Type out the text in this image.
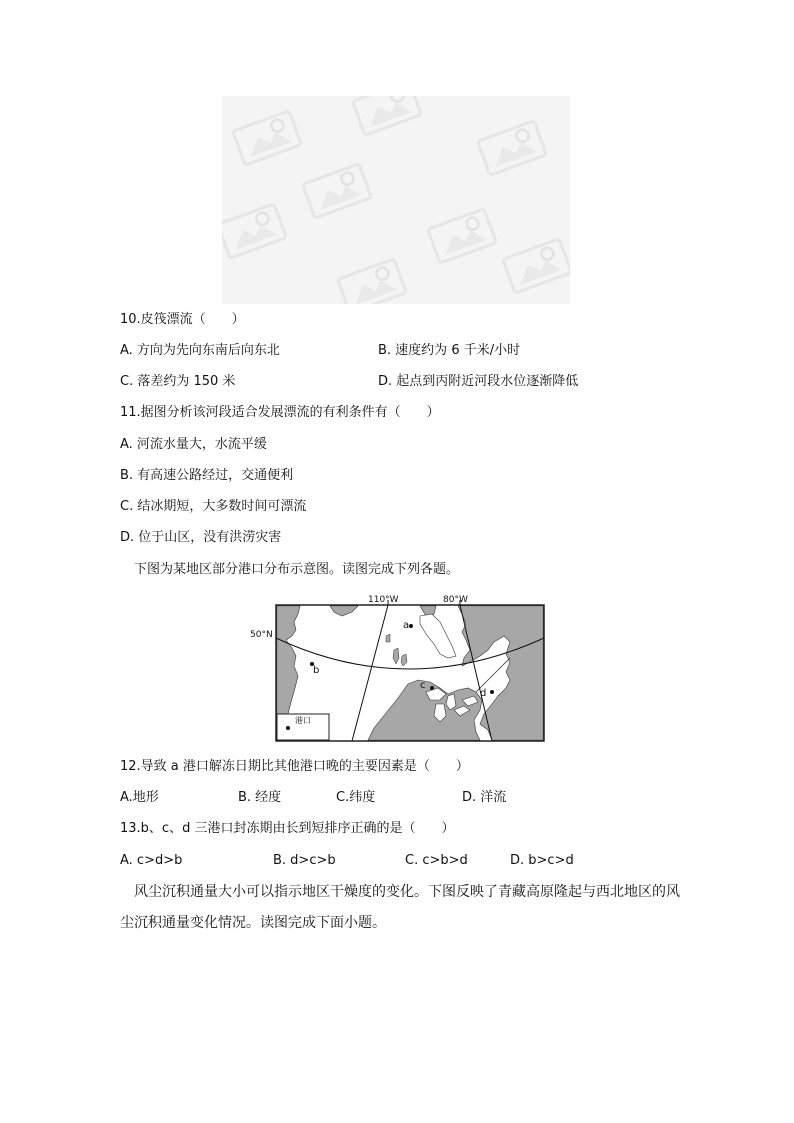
10.皮筏漂流（　　）
A. 方向为先向东南后向东北	B. 速度约为 6 千米/小时
C. 落差约为 150 米	D. 起点到丙附近河段水位逐渐降低
11.据图分析该河段适合发展漂流的有利条件有（　　）
A. 河流水量大，水流平缓
B. 有高速公路经过，交通便利
C. 结冰期短，大多数时间可漂流
D. 位于山区，没有洪涝灾害
下图为某地区部分港口分布示意图。读图完成下列各题。
110°W	80°W
50°N
a
b
c
d
港口
12.导致 a 港口解冻日期比其他港口晚的主要因素是（　　）
A.地形	B. 经度	C.纬度	D. 洋流
13.b、c、d 三港口封冻期由长到短排序正确的是（　　）
A. c>d>b	B. d>c>b	C. c>b>d	D. b>c>d
风尘沉积通量大小可以指示地区干燥度的变化。下图反映了青藏高原隆起与西北地区的风
尘沉积通量变化情况。读图完成下面小题。
